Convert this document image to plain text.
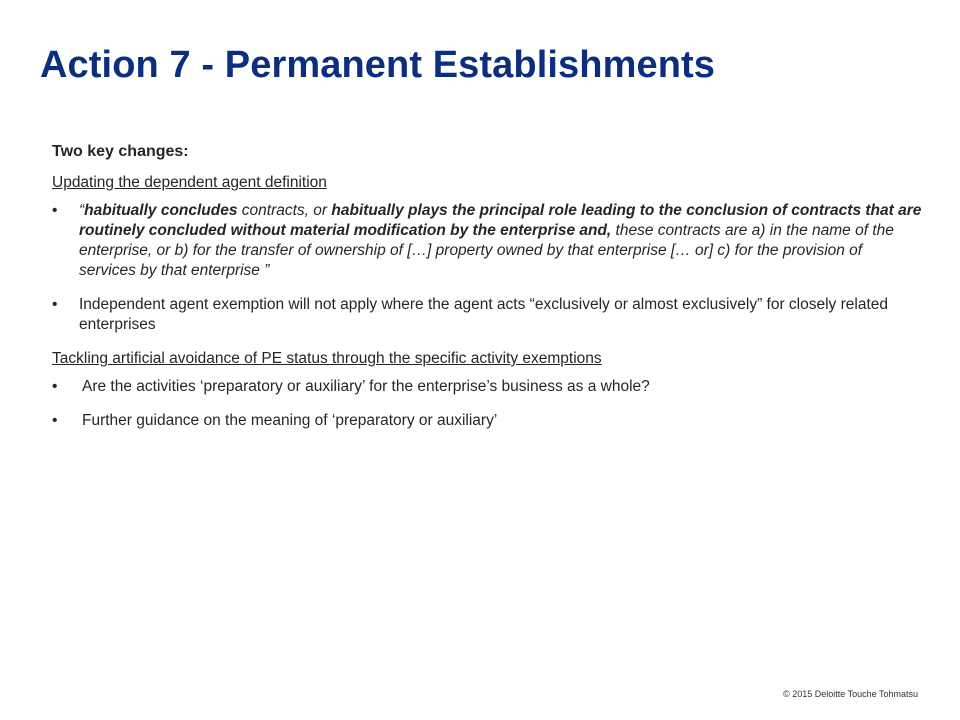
Action 7 - Permanent Establishments

Two key changes:

Updating the dependent agent definition

• “habitually concludes contracts, or habitually plays the principal role leading to the conclusion of contracts that are routinely concluded without material modification by the enterprise and, these contracts are a) in the name of the enterprise, or b) for the transfer of ownership of […] property owned by that enterprise [… or] c) for the provision of services by that enterprise ”
• Independent agent exemption will not apply where the agent acts “exclusively or almost exclusively” for closely related enterprises

Tackling artificial avoidance of PE status through the specific activity exemptions

• Are the activities ‘preparatory or auxiliary’ for the enterprise’s business as a whole?
• Further guidance on the meaning of ‘preparatory or auxiliary’
© 2015 Deloitte Touche Tohmatsu
